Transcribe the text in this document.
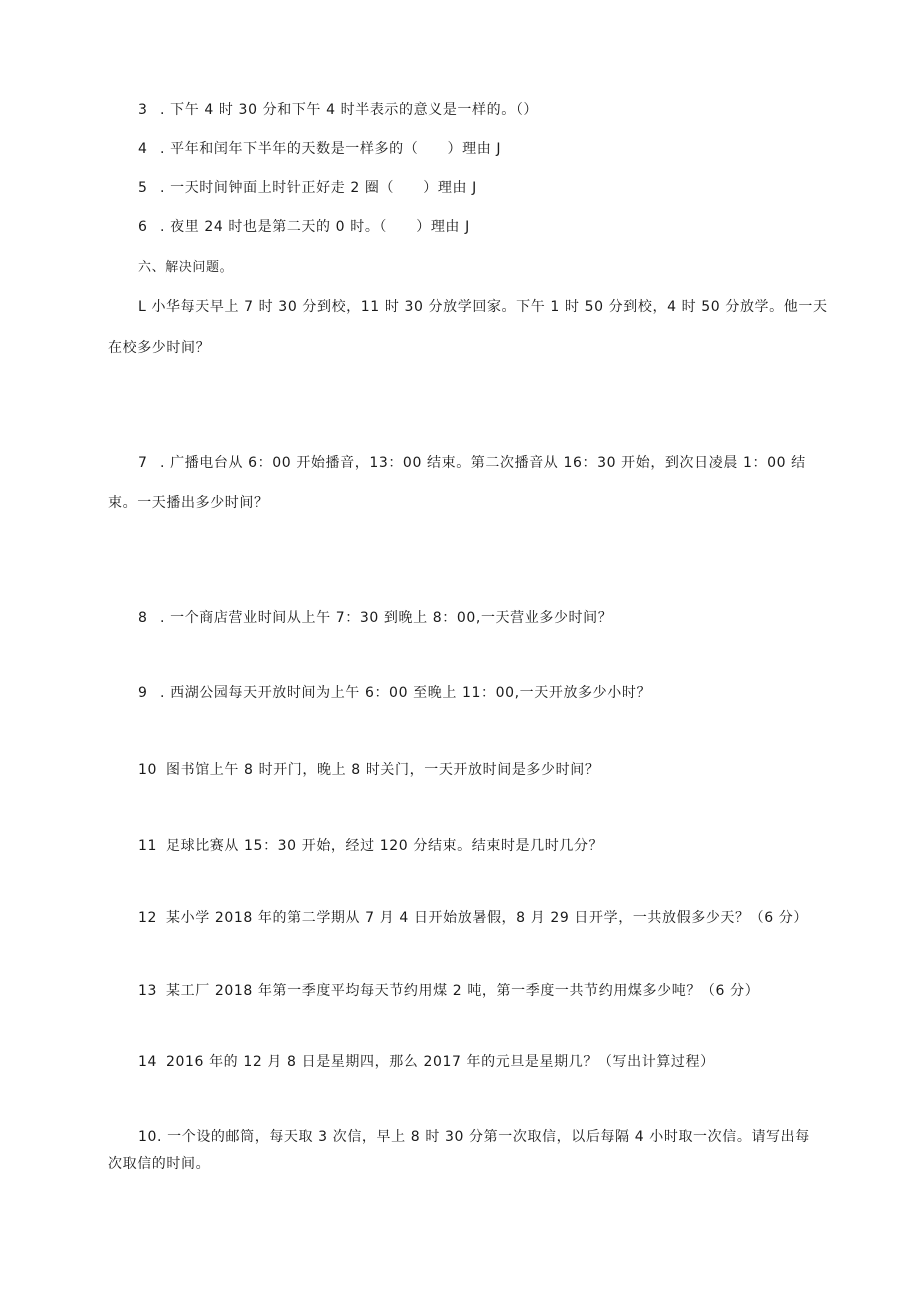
3 . 下午 4 时 30 分和下午 4 时半表示的意义是一样的。（）
4 . 平年和闰年下半年的天数是一样多的（　　）理由 J
5 . 一天时间钟面上时针正好走 2 圈（　　）理由 J
6 . 夜里 24 时也是第二天的 0 时。（　　）理由 J
六、解决问题。
L 小华每天早上 7 时 30 分到校，11 时 30 分放学回家。下午 1 时 50 分到校，4 时 50 分放学。他一天
在校多少时间？
7 . 广播电台从 6：00 开始播音，13：00 结束。第二次播音从 16：30 开始，到次日凌晨 1：00 结
束。一天播出多少时间？
8 . 一个商店营业时间从上午 7：30 到晚上 8：00,一天营业多少时间？
9 . 西湖公园每天开放时间为上午 6：00 至晚上 11：00,一天开放多少小时？
10 图书馆上午 8 时开门，晚上 8 时关门，一天开放时间是多少时间？
11 足球比赛从 15：30 开始，经过 120 分结束。结束时是几时几分？
12 某小学 2018 年的第二学期从 7 月 4 日开始放暑假，8 月 29 日开学，一共放假多少天？（6 分）
13 某工厂 2018 年第一季度平均每天节约用煤 2 吨，第一季度一共节约用煤多少吨？（6 分）
14 2016 年的 12 月 8 日是星期四，那么 2017 年的元旦是星期几？（写出计算过程）
10. 一个设的邮筒，每天取 3 次信，早上 8 时 30 分第一次取信，以后每隔 4 小时取一次信。请写出每
次取信的时间。
